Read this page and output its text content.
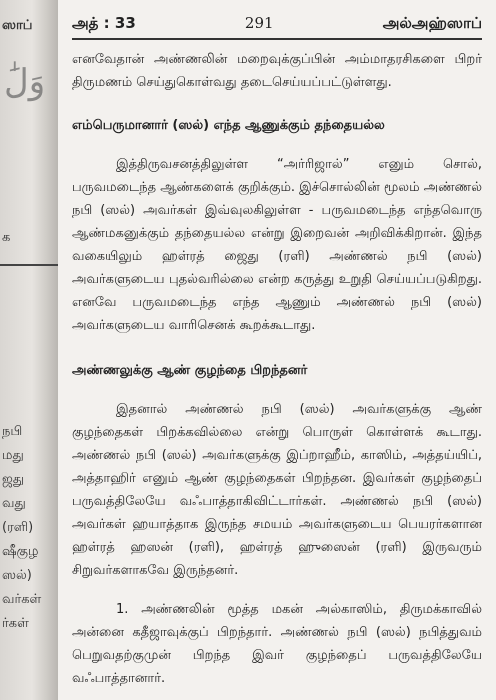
وَلَٰ
ஸாப்
க
நபி
மது
ஜது
வது
(ரளி)
ஷீகுழ
ஸல்)
வர்கள்
ர்கள்
அத் : 33	291	அல்அஹ்ஸாப்

எனவேதான் அண்ணலின் மறைவுக்குப்பின் அம்மாதரசிகளை பிறர் திருமணம் செய்துகொள்வது தடைசெய்யப்பட்டுள்ளது.

எம்பெருமானார் (ஸல்) எந்த ஆணுக்கும் தந்தையல்ல

இத்திருவசனத்திலுள்ள “அர்ரிஜால்” எனும் சொல், பருவமடைந்த ஆண்களைக் குறிக்கும். இச்சொல்லின் மூலம் அண்ணல் நபி (ஸல்) அவர்கள் இவ்வுலகிலுள்ள - பருவமடைந்த எந்தவொரு ஆண்மகனுக்கும் தந்தையல்ல என்று இறைவன் அறிவிக்கிறான். இந்த வகையிலும் ஹள்ரத் ஜைது (ரளி) அண்ணல் நபி (ஸல்) அவர்களுடைய புதல்வரில்லை என்ற கருத்து உறுதி செய்யப்படுகிறது. எனவே பருவமடைந்த எந்த ஆணும் அண்ணல் நபி (ஸல்) அவர்களுடைய வாரிசெனக் கூறக்கூடாது.

அண்ணலுக்கு ஆண் குழந்தை பிறந்தனர்

இதனால் அண்ணல் நபி (ஸல்) அவர்களுக்கு ஆண் குழந்தைகள் பிறக்கவில்லை என்று பொருள் கொள்ளக் கூடாது. அண்ணல் நபி (ஸல்) அவர்களுக்கு இப்றாஹீம், காஸிம், அத்தய்யிப், அத்தாஹிர் எனும் ஆண் குழந்தைகள் பிறந்தன. இவர்கள் குழந்தைப் பருவத்திலேயே வஃபாத்தாகிவிட்டார்கள். அண்ணல் நபி (ஸல்) அவர்கள் ஹயாத்தாக இருந்த சமயம் அவர்களுடைய பெயரர்களான ஹள்ரத் ஹஸன் (ரளி), ஹள்ரத் ஹுஸைன் (ரளி) இருவரும் சிறுவர்களாகவே இருந்தனர்.

1. அண்ணலின் மூத்த மகன் அல்காஸிம், திருமக்காவில் அன்னை கதீஜாவுக்குப் பிறந்தார். அண்ணல் நபி (ஸல்) நபித்துவம் பெறுவதற்குமுன் பிறந்த இவர் குழந்தைப் பருவத்திலேயே வஃபாத்தானார்.
